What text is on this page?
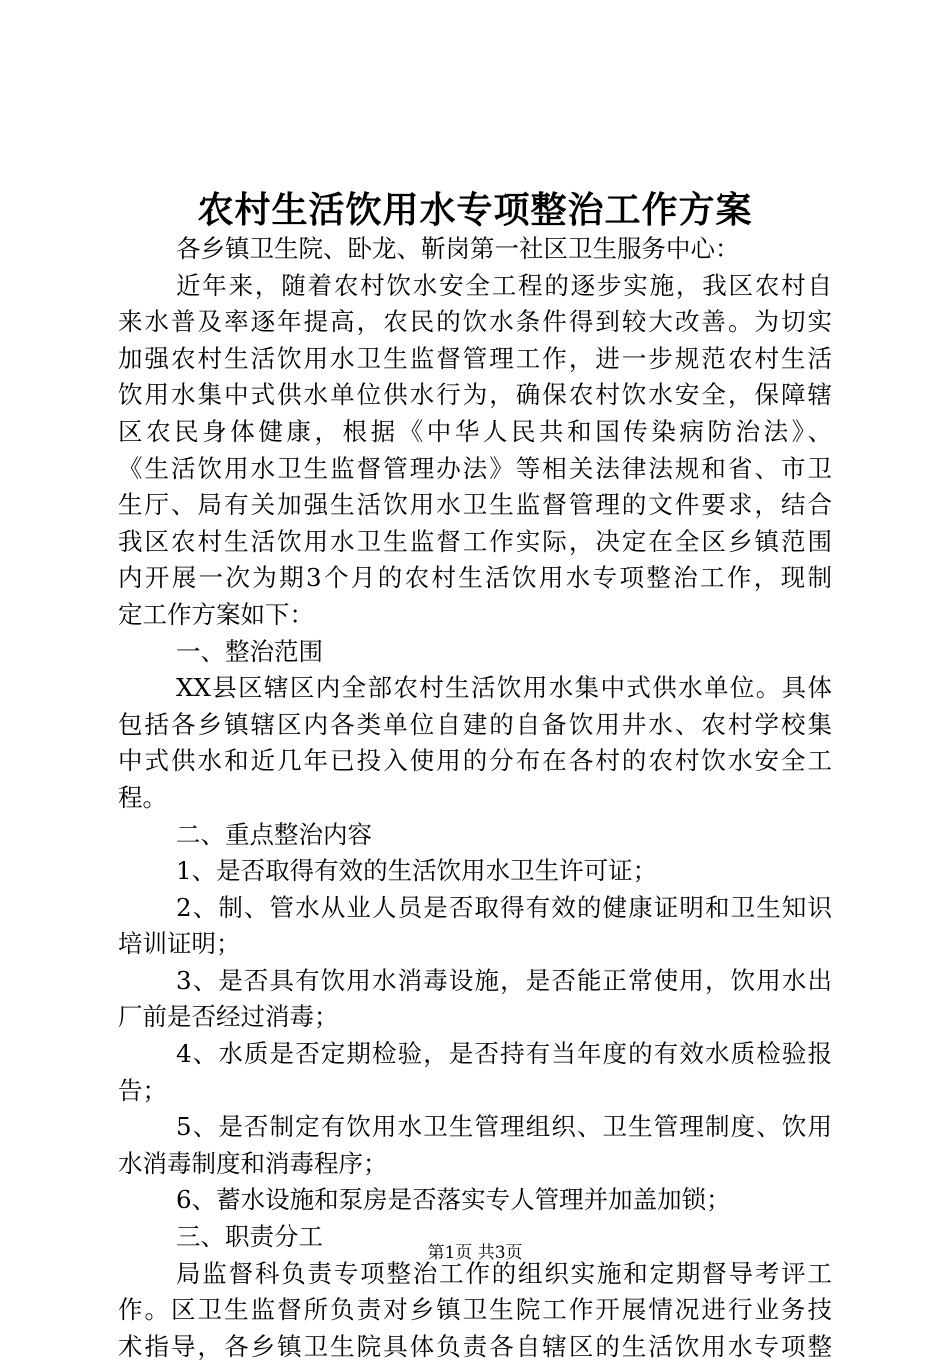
农村生活饮用水专项整治工作方案
各乡镇卫生院、卧龙、靳岗第一社区卫生服务中心：
近年来，随着农村饮水安全工程的逐步实施，我区农村自
来水普及率逐年提高，农民的饮水条件得到较大改善。为切实
加强农村生活饮用水卫生监督管理工作，进一步规范农村生活
饮用水集中式供水单位供水行为，确保农村饮水安全，保障辖
区农民身体健康，根据《中华人民共和国传染病防治法》、
《生活饮用水卫生监督管理办法》等相关法律法规和省、市卫
生厅、局有关加强生活饮用水卫生监督管理的文件要求，结合
我区农村生活饮用水卫生监督工作实际，决定在全区乡镇范围
内开展一次为期3个月的农村生活饮用水专项整治工作，现制
定工作方案如下：
一、整治范围
XX县区辖区内全部农村生活饮用水集中式供水单位。具体
包括各乡镇辖区内各类单位自建的自备饮用井水、农村学校集
中式供水和近几年已投入使用的分布在各村的农村饮水安全工
程。
二、重点整治内容
1、是否取得有效的生活饮用水卫生许可证；
2、制、管水从业人员是否取得有效的健康证明和卫生知识
培训证明；
3、是否具有饮用水消毒设施，是否能正常使用，饮用水出
厂前是否经过消毒；
4、水质是否定期检验，是否持有当年度的有效水质检验报
告；
5、是否制定有饮用水卫生管理组织、卫生管理制度、饮用
水消毒制度和消毒程序；
6、蓄水设施和泵房是否落实专人管理并加盖加锁；
三、职责分工
局监督科负责专项整治工作的组织实施和定期督导考评工
作。区卫生监督所负责对乡镇卫生院工作开展情况进行业务技
术指导，各乡镇卫生院具体负责各自辖区的生活饮用水专项整
第1页 共3页
